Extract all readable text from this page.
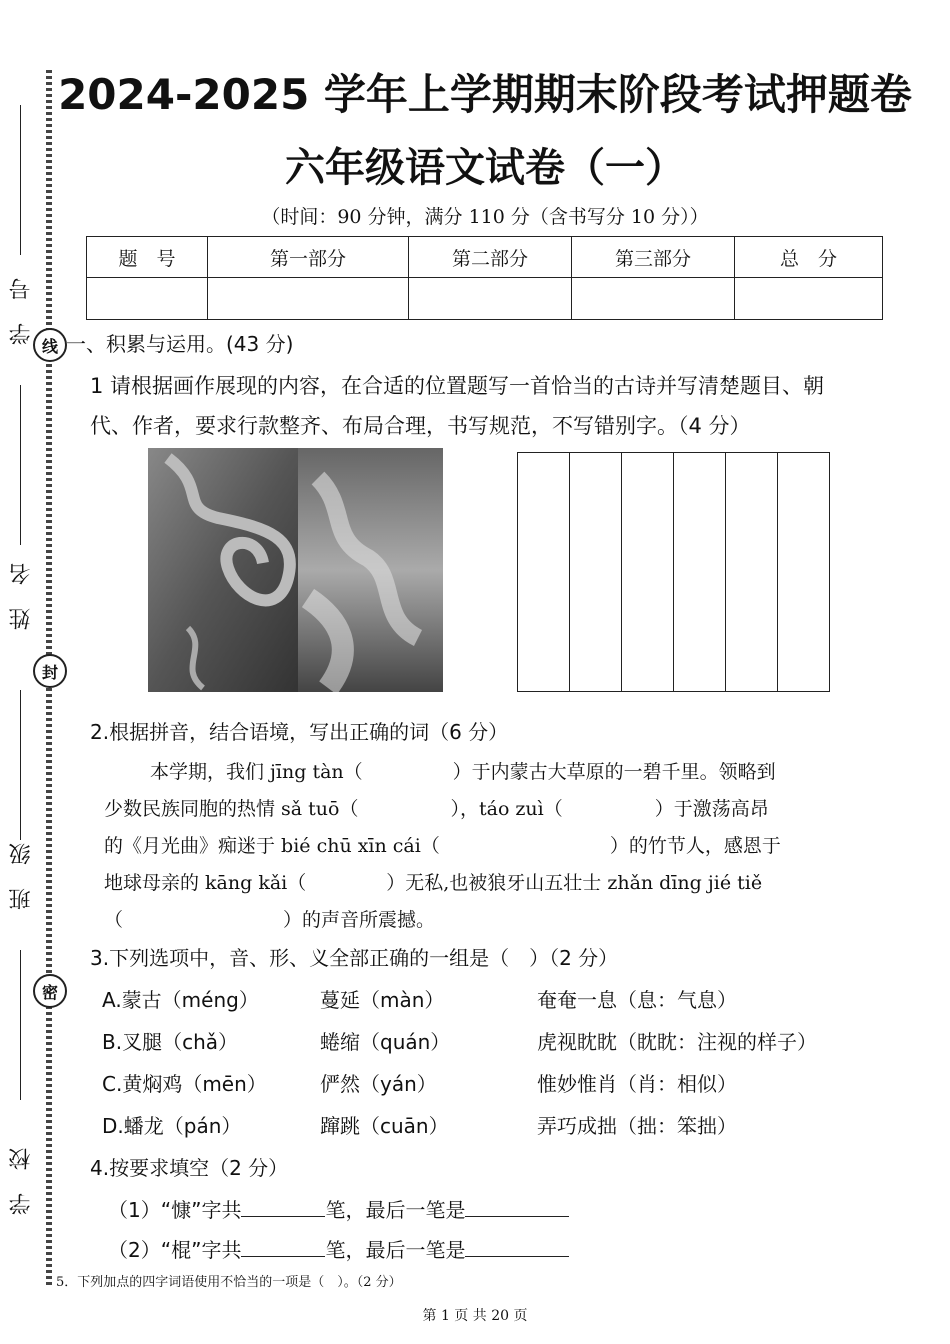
学 号
姓 名
班 级
学 校
线
封
密
2024-2025 学年上学期期末阶段考试押题卷
六年级语文试卷（一）
（时间：90 分钟，满分 110 分（含书写分 10 分））
题　号	第一部分	第二部分	第三部分	总　分

一、积累与运用。(43 分)
1 请根据画作展现的内容，在合适的位置题写一首恰当的古诗并写清楚题目、朝
代、作者，要求行款整齐、布局合理，书写规范，不写错别字。（4 分）
2.根据拼音，结合语境，写出正确的词（6 分）
本学期，我们 jīng tàn（	）于内蒙古大草原的一碧千里。领略到
少数民族同胞的热情 sǎ tuō（	），táo zuì（	）于激荡高昂
的《月光曲》痴迷于 bié chū xīn cái（	）的竹节人，感恩于
地球母亲的 kāng kǎi（	）无私,也被狼牙山五壮士 zhǎn dīng jié tiě
（	）的声音所震撼。
3.下列选项中，音、形、义全部正确的一组是（　）（2 分）
A.蒙古（méng）	蔓延（màn）	奄奄一息（息：气息）
B.叉腿（chǎ）	蜷缩（quán）	虎视眈眈（眈眈：注视的样子）
C.黄焖鸡（mēn）	俨然（yán）	惟妙惟肖（肖：相似）
D.蟠龙（pán）	蹿跳（cuān）	弄巧成拙（拙：笨拙）
4.按要求填空（2 分）
（1）“慷”字共	笔，最后一笔是
（2）“棍”字共	笔，最后一笔是
5．下列加点的四字词语使用不恰当的一项是（　）。（2 分）
第 1 页 共 20 页
